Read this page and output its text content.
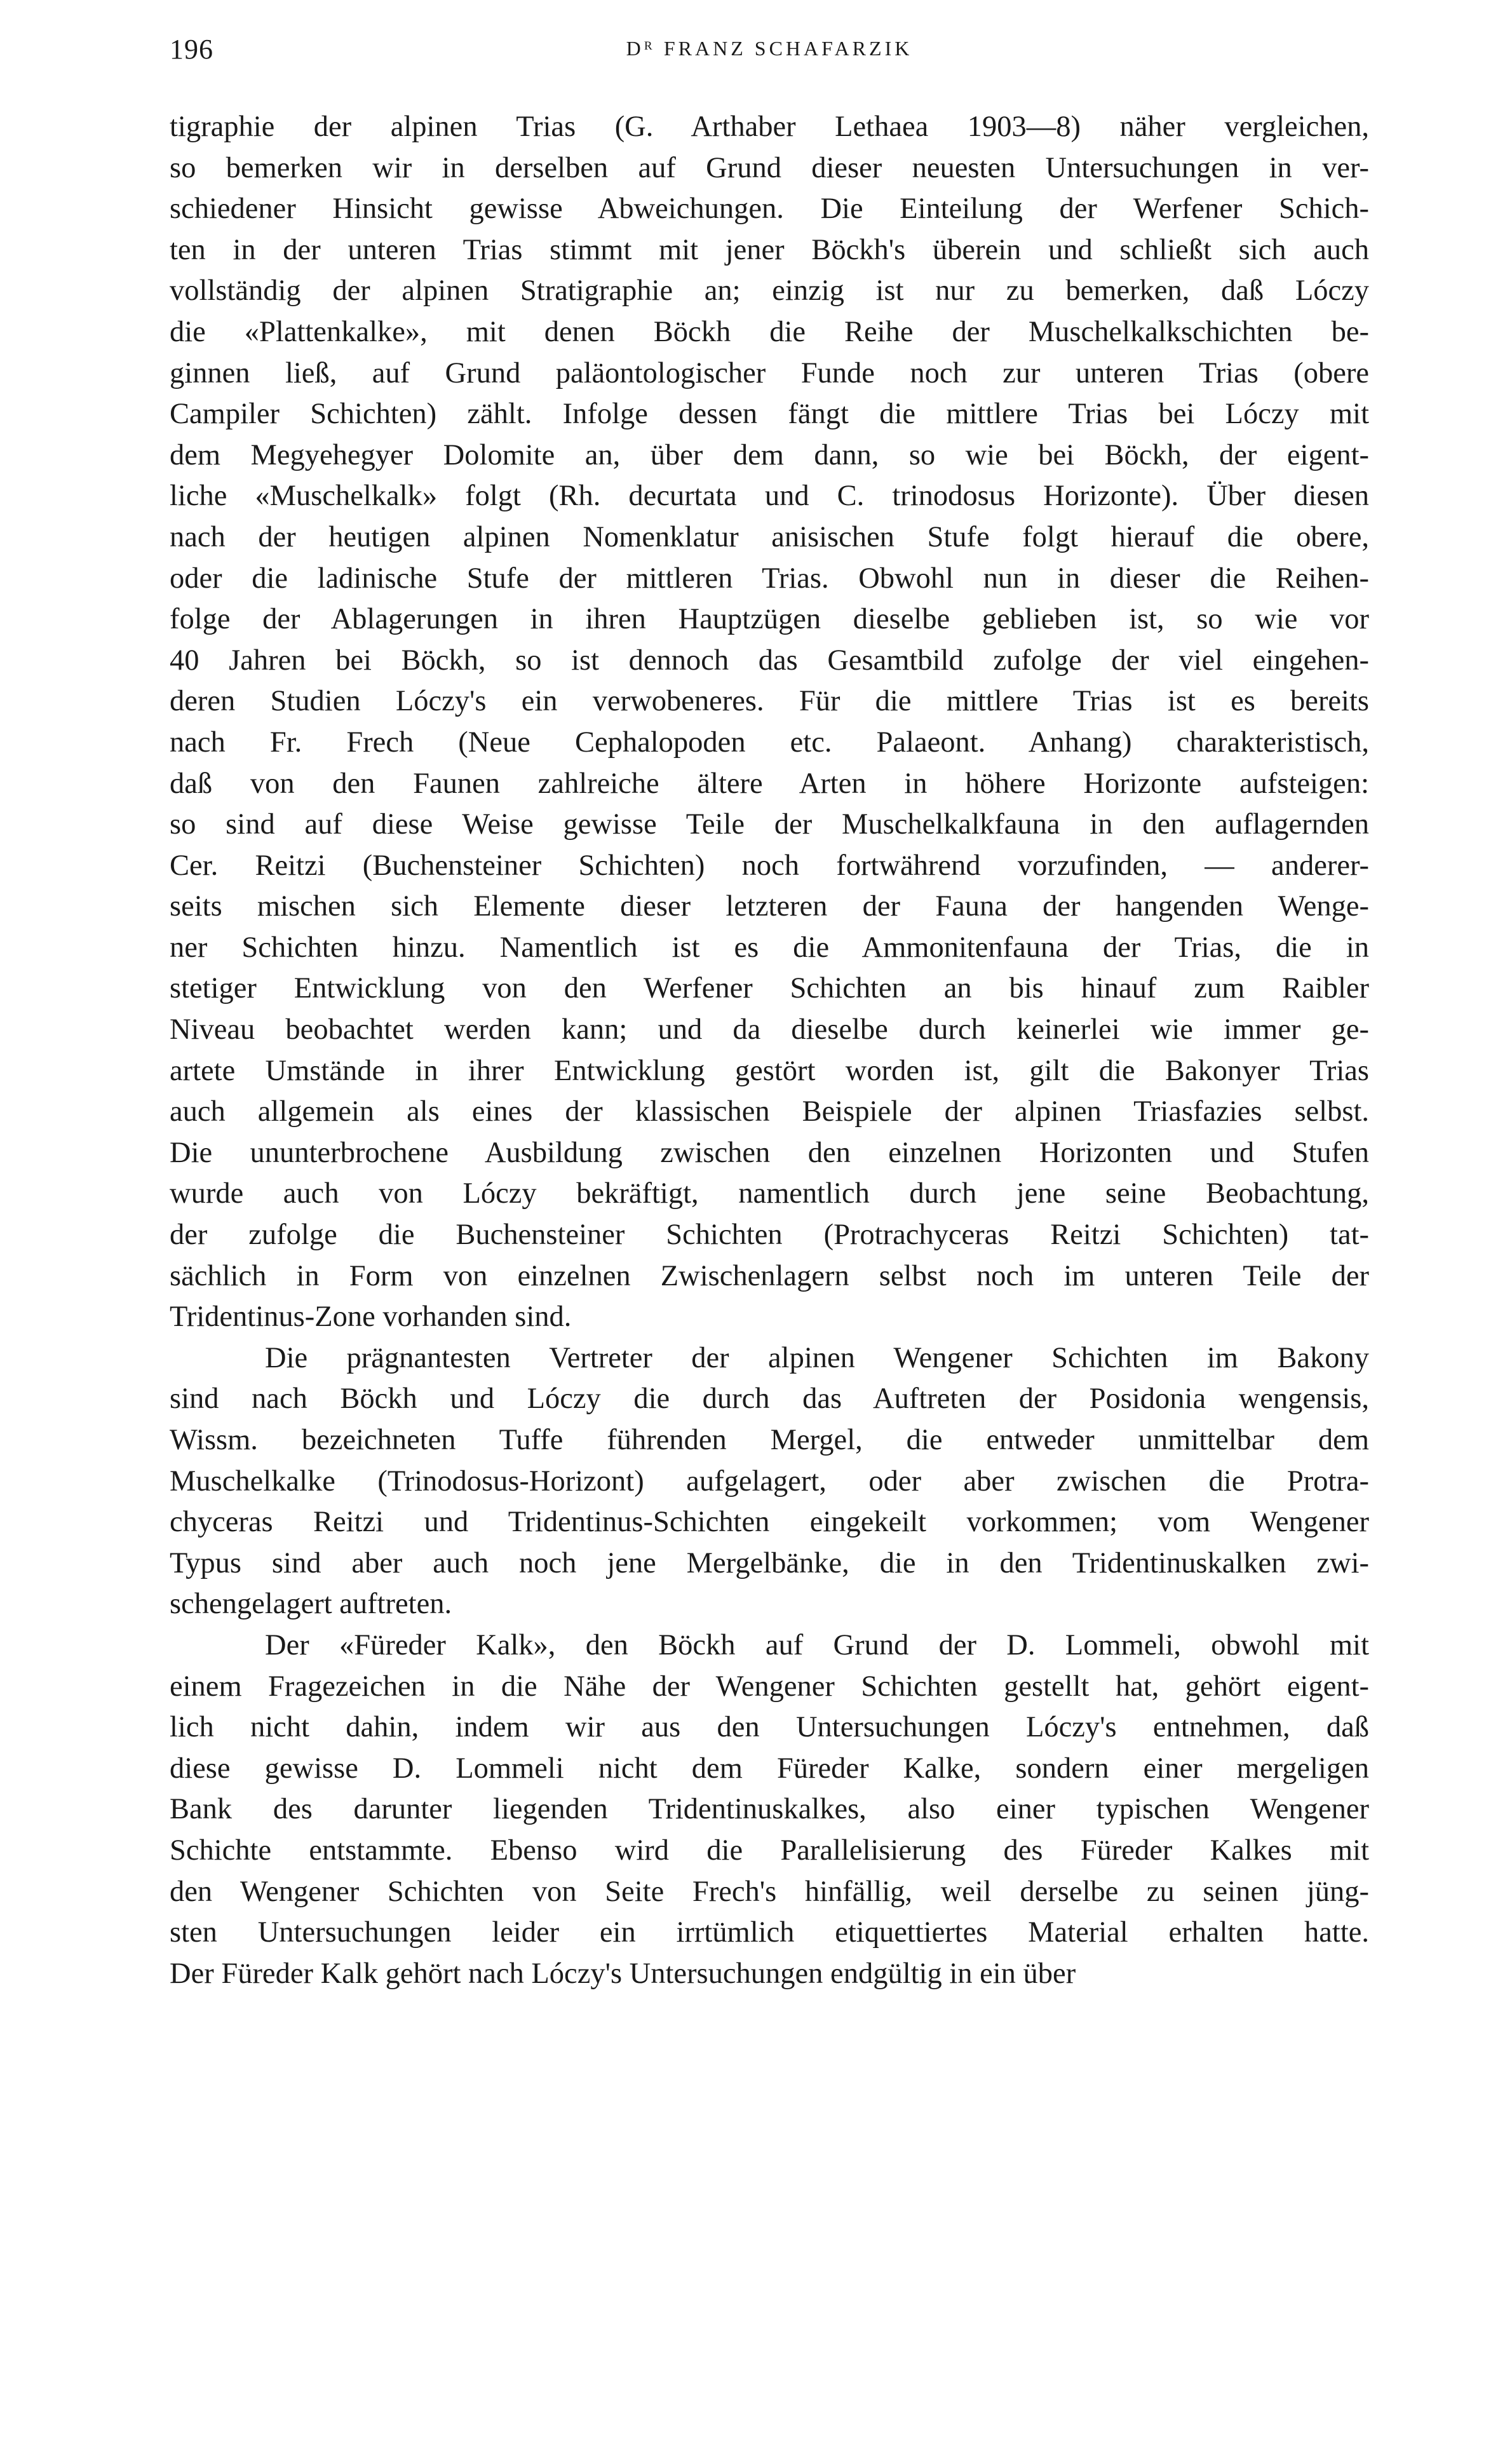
196	Dᴿ FRANZ SCHAFARZIK
tigraphie der alpinen Trias (G. Arthaber Lethaea 1903—8) näher vergleichen,
so bemerken wir in derselben auf Grund dieser neuesten Untersuchungen in ver-
schiedener Hinsicht gewisse Abweichungen. Die Einteilung der Werfener Schich-
ten in der unteren Trias stimmt mit jener Böckh's überein und schließt sich auch
vollständig der alpinen Stratigraphie an; einzig ist nur zu bemerken, daß Lóczy
die «Plattenkalke», mit denen Böckh die Reihe der Muschelkalkschichten be-
ginnen ließ, auf Grund paläontologischer Funde noch zur unteren Trias (obere
Campiler Schichten) zählt. Infolge dessen fängt die mittlere Trias bei Lóczy mit
dem Megyehegyer Dolomite an, über dem dann, so wie bei Böckh, der eigent-
liche «Muschelkalk» folgt (Rh. decurtata und C. trinodosus Horizonte). Über diesen
nach der heutigen alpinen Nomenklatur anisischen Stufe folgt hierauf die obere,
oder die ladinische Stufe der mittleren Trias. Obwohl nun in dieser die Reihen-
folge der Ablagerungen in ihren Hauptzügen dieselbe geblieben ist, so wie vor
40 Jahren bei Böckh, so ist dennoch das Gesamtbild zufolge der viel eingehen-
deren Studien Lóczy's ein verwobeneres. Für die mittlere Trias ist es bereits
nach Fr. Frech (Neue Cephalopoden etc. Palaeont. Anhang) charakteristisch,
daß von den Faunen zahlreiche ältere Arten in höhere Horizonte aufsteigen:
so sind auf diese Weise gewisse Teile der Muschelkalkfauna in den auflagernden
Cer. Reitzi (Buchensteiner Schichten) noch fortwährend vorzufinden, — anderer-
seits mischen sich Elemente dieser letzteren der Fauna der hangenden Wenge-
ner Schichten hinzu. Namentlich ist es die Ammonitenfauna der Trias, die in
stetiger Entwicklung von den Werfener Schichten an bis hinauf zum Raibler
Niveau beobachtet werden kann; und da dieselbe durch keinerlei wie immer ge-
artete Umstände in ihrer Entwicklung gestört worden ist, gilt die Bakonyer Trias
auch allgemein als eines der klassischen Beispiele der alpinen Triasfazies selbst.
Die ununterbrochene Ausbildung zwischen den einzelnen Horizonten und Stufen
wurde auch von Lóczy bekräftigt, namentlich durch jene seine Beobachtung,
der zufolge die Buchensteiner Schichten (Protrachyceras Reitzi Schichten) tat-
sächlich in Form von einzelnen Zwischenlagern selbst noch im unteren Teile der
Tridentinus-Zone vorhanden sind.
Die prägnantesten Vertreter der alpinen Wengener Schichten im Bakony
sind nach Böckh und Lóczy die durch das Auftreten der Posidonia wengensis,
Wissm. bezeichneten Tuffe führenden Mergel, die entweder unmittelbar dem
Muschelkalke (Trinodosus-Horizont) aufgelagert, oder aber zwischen die Protra-
chyceras Reitzi und Tridentinus-Schichten eingekeilt vorkommen; vom Wengener
Typus sind aber auch noch jene Mergelbänke, die in den Tridentinuskalken zwi-
schengelagert auftreten.
Der «Füreder Kalk», den Böckh auf Grund der D. Lommeli, obwohl mit
einem Fragezeichen in die Nähe der Wengener Schichten gestellt hat, gehört eigent-
lich nicht dahin, indem wir aus den Untersuchungen Lóczy's entnehmen, daß
diese gewisse D. Lommeli nicht dem Füreder Kalke, sondern einer mergeligen
Bank des darunter liegenden Tridentinuskalkes, also einer typischen Wengener
Schichte entstammte. Ebenso wird die Parallelisierung des Füreder Kalkes mit
den Wengener Schichten von Seite Frech's hinfällig, weil derselbe zu seinen jüng-
sten Untersuchungen leider ein irrtümlich etiquettiertes Material erhalten hatte.
Der Füreder Kalk gehört nach Lóczy's Untersuchungen endgültig in ein über
